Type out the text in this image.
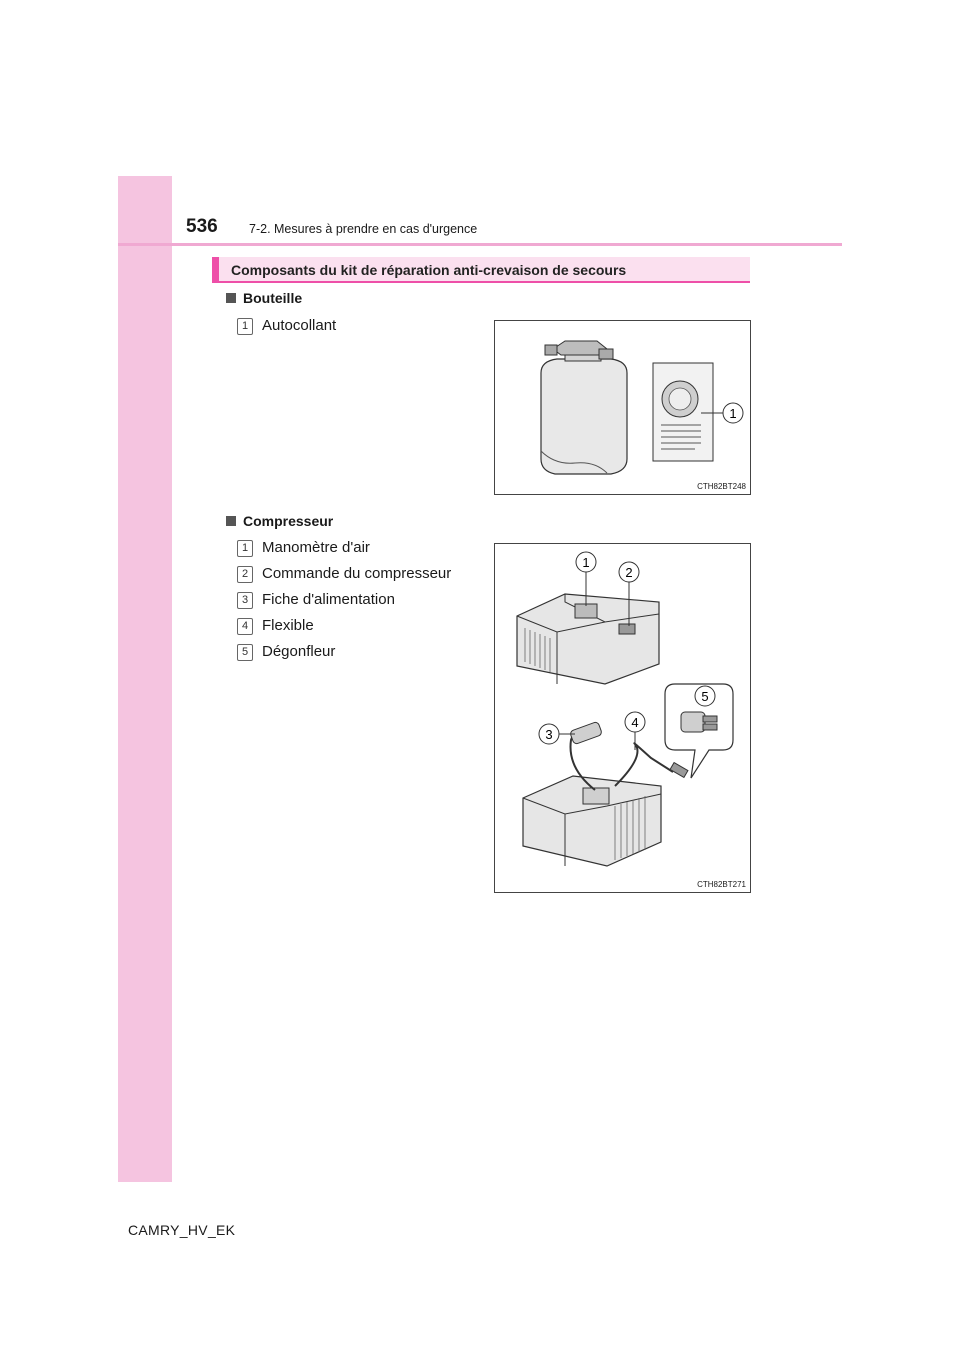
536	7-2. Mesures à prendre en cas d'urgence
Composants du kit de réparation anti-crevaison de secours
Bouteille
1 Autocollant
1
CTH82BT248
Compresseur
1 Manomètre d'air
2 Commande du compresseur
3 Fiche d'alimentation
4 Flexible
5 Dégonfleur
1
2
3
4
5
CTH82BT271
CAMRY_HV_EK
